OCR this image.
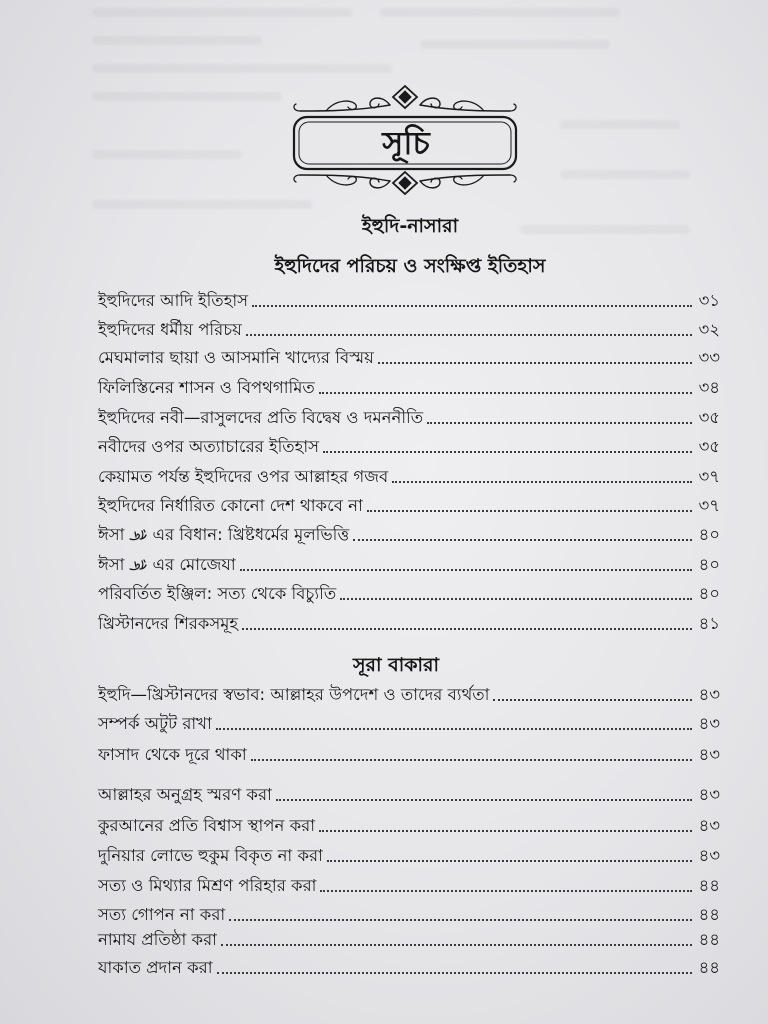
সূচি
ইহুদি-নাসারা
ইহুদিদের পরিচয় ও সংক্ষিপ্ত ইতিহাস
ইহুদিদের আদি ইতিহাস	৩১
ইহুদিদের ধর্মীয় পরিচয়	৩২
মেঘমালার ছায়া ও আসমানি খাদ্যের বিস্ময়	৩৩
ফিলিস্তিনের শাসন ও বিপথগামিত	৩৪
ইহুদিদের নবী—রাসুলদের প্রতি বিদ্বেষ ও দমননীতি	৩৫
নবীদের ওপর অত্যাচারের ইতিহাস	৩৫
কেয়ামত পর্যন্ত ইহুদিদের ওপর আল্লাহর গজব	৩৭
ইহুদিদের নির্ধারিত কোনো দেশ থাকবে না	৩৭
ঈসা এর বিধান: খ্রিষ্টধর্মের মূলভিত্তি	৪০
ঈসা এর মোজেযা	৪০
পরিবর্তিত ইঞ্জিল: সত্য থেকে বিচ্যুতি	৪০
খ্রিস্টানদের শিরকসমূহ	৪১
সূরা বাকারা
ইহুদি—খ্রিস্টানদের স্বভাব: আল্লাহর উপদেশ ও তাদের ব্যর্থতা	৪৩
সম্পর্ক অটুট রাখা	৪৩
ফাসাদ থেকে দূরে থাকা	৪৩
আল্লাহর অনুগ্রহ স্মরণ করা	৪৩
কুরআনের প্রতি বিশ্বাস স্থাপন করা	৪৩
দুনিয়ার লোভে হুকুম বিকৃত না করা	৪৩
সত্য ও মিথ্যার মিশ্রণ পরিহার করা	৪৪
সত্য গোপন না করা	৪৪
নামায প্রতিষ্ঠা করা	৪৪
যাকাত প্রদান করা	৪৪
